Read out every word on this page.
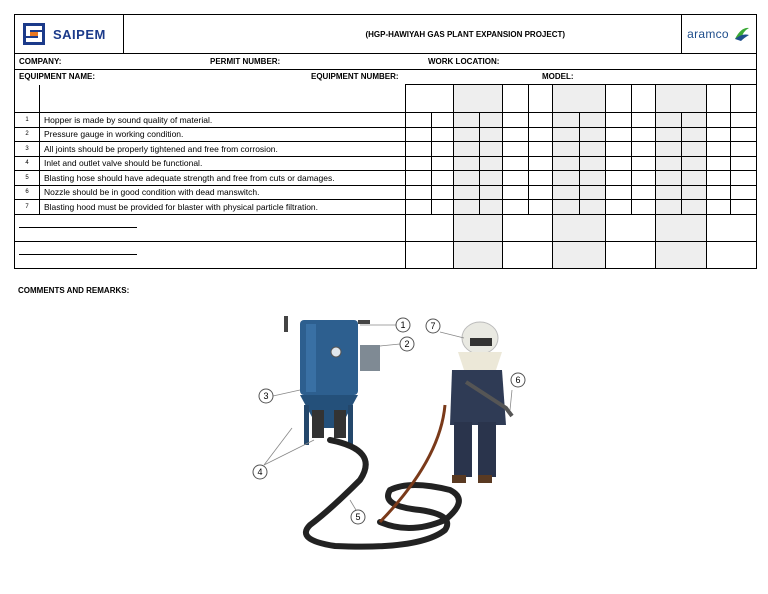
SAIPEM		(HGP-HAWIYAH GAS PLANT EXPANSION PROJECT)											aramco		

COMPANY: PERMIT NUMBER: WORK LOCATION:															

EQUIPMENT NAME: EQUIPMENT NUMBER: MODEL:															

1	Hopper is made by sound quality of material.														
2	Pressure gauge in working condition.														
3	All joints should be properly tightened and free from corrosion.														
4	Inlet and outlet valve should be functional.														
5	Blasting hose should have adequate strength and free from cuts or damages.														
6	Nozzle should be in good condition with dead manswitch.														
7	Blasting hood must be provided for blaster with physical particle filtration.														

COMMENTS AND REMARKS:
1
2
3
4
5
6
7
